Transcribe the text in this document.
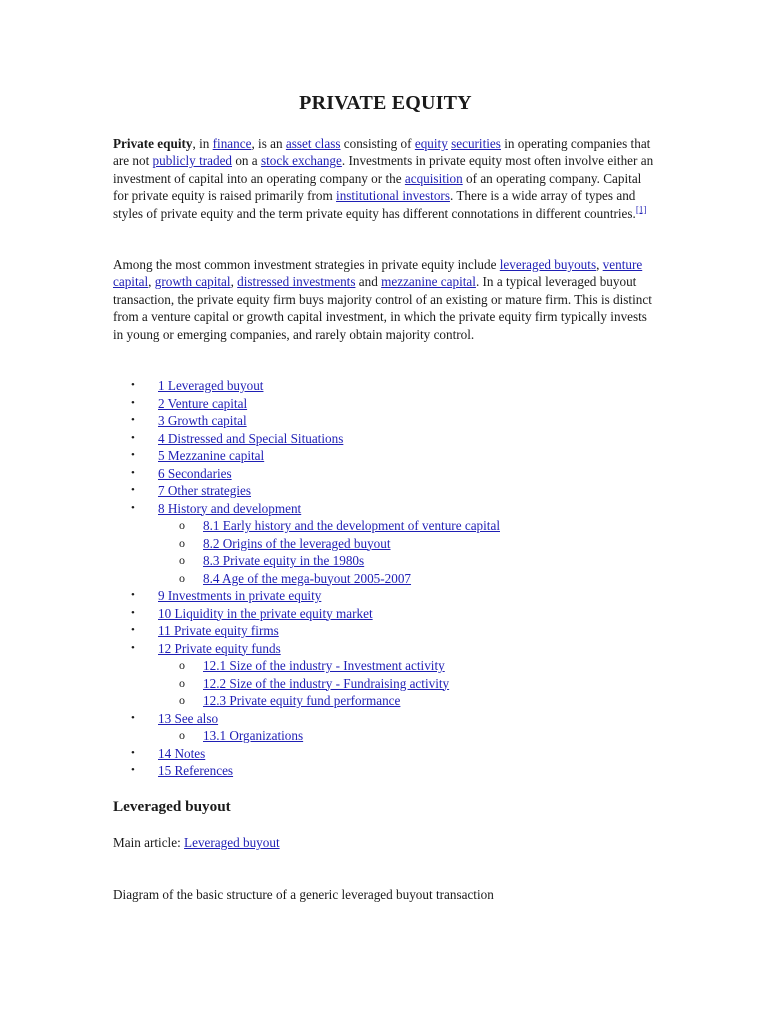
PRIVATE EQUITY

Private equity, in finance, is an asset class consisting of equity securities in operating companies that are not publicly traded on a stock exchange. Investments in private equity most often involve either an investment of capital into an operating company or the acquisition of an operating company. Capital for private equity is raised primarily from institutional investors. There is a wide array of types and styles of private equity and the term private equity has different connotations in different countries.[1]

Among the most common investment strategies in private equity include leveraged buyouts, venture capital, growth capital, distressed investments and mezzanine capital. In a typical leveraged buyout transaction, the private equity firm buys majority control of an existing or mature firm. This is distinct from a venture capital or growth capital investment, in which the private equity firm typically invests in young or emerging companies, and rarely obtain majority control.

• 1 Leveraged buyout
• 2 Venture capital
• 3 Growth capital
• 4 Distressed and Special Situations
• 5 Mezzanine capital
• 6 Secondaries
• 7 Other strategies
• 8 History and development
o 8.1 Early history and the development of venture capital
o 8.2 Origins of the leveraged buyout
o 8.3 Private equity in the 1980s
o 8.4 Age of the mega-buyout 2005-2007
• 9 Investments in private equity
• 10 Liquidity in the private equity market
• 11 Private equity firms
• 12 Private equity funds
o 12.1 Size of the industry - Investment activity
o 12.2 Size of the industry - Fundraising activity
o 12.3 Private equity fund performance
• 13 See also
o 13.1 Organizations
• 14 Notes
• 15 References
Leveraged buyout

Main article: Leveraged buyout

Diagram of the basic structure of a generic leveraged buyout transaction
